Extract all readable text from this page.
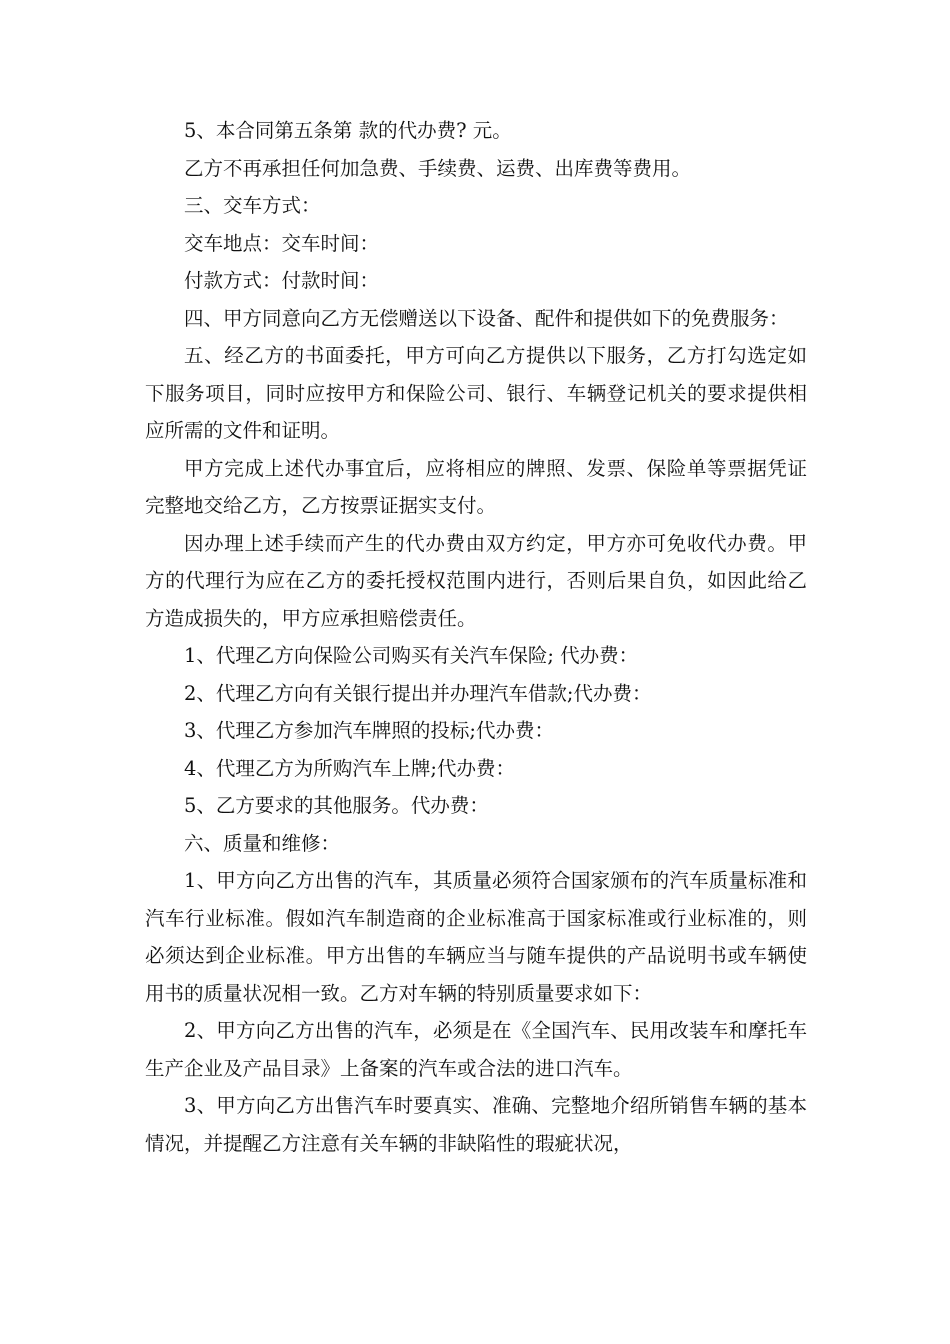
5、本合同第五条第 款的代办费? 元。

乙方不再承担任何加急费、手续费、运费、出库费等费用。

三、交车方式：

交车地点：交车时间：

付款方式：付款时间：

四、甲方同意向乙方无偿赠送以下设备、配件和提供如下的免费服务：

五、经乙方的书面委托，甲方可向乙方提供以下服务，乙方打勾选定如下服务项目，同时应按甲方和保险公司、银行、车辆登记机关的要求提供相应所需的文件和证明。

甲方完成上述代办事宜后，应将相应的牌照、发票、保险单等票据凭证完整地交给乙方，乙方按票证据实支付。

因办理上述手续而产生的代办费由双方约定，甲方亦可免收代办费。甲方的代理行为应在乙方的委托授权范围内进行，否则后果自负，如因此给乙方造成损失的，甲方应承担赔偿责任。

1、代理乙方向保险公司购买有关汽车保险; 代办费：

2、代理乙方向有关银行提出并办理汽车借款;代办费：

3、代理乙方参加汽车牌照的投标;代办费：

4、代理乙方为所购汽车上牌;代办费：

5、乙方要求的其他服务。代办费：

六、质量和维修：

1、甲方向乙方出售的汽车，其质量必须符合国家颁布的汽车质量标准和汽车行业标准。假如汽车制造商的企业标准高于国家标准或行业标准的，则必须达到企业标准。甲方出售的车辆应当与随车提供的产品说明书或车辆使用书的质量状况相一致。乙方对车辆的特别质量要求如下：

2、甲方向乙方出售的汽车，必须是在《全国汽车、民用改装车和摩托车生产企业及产品目录》上备案的汽车或合法的进口汽车。

3、甲方向乙方出售汽车时要真实、准确、完整地介绍所销售车辆的基本情况，并提醒乙方注意有关车辆的非缺陷性的瑕疵状况，
